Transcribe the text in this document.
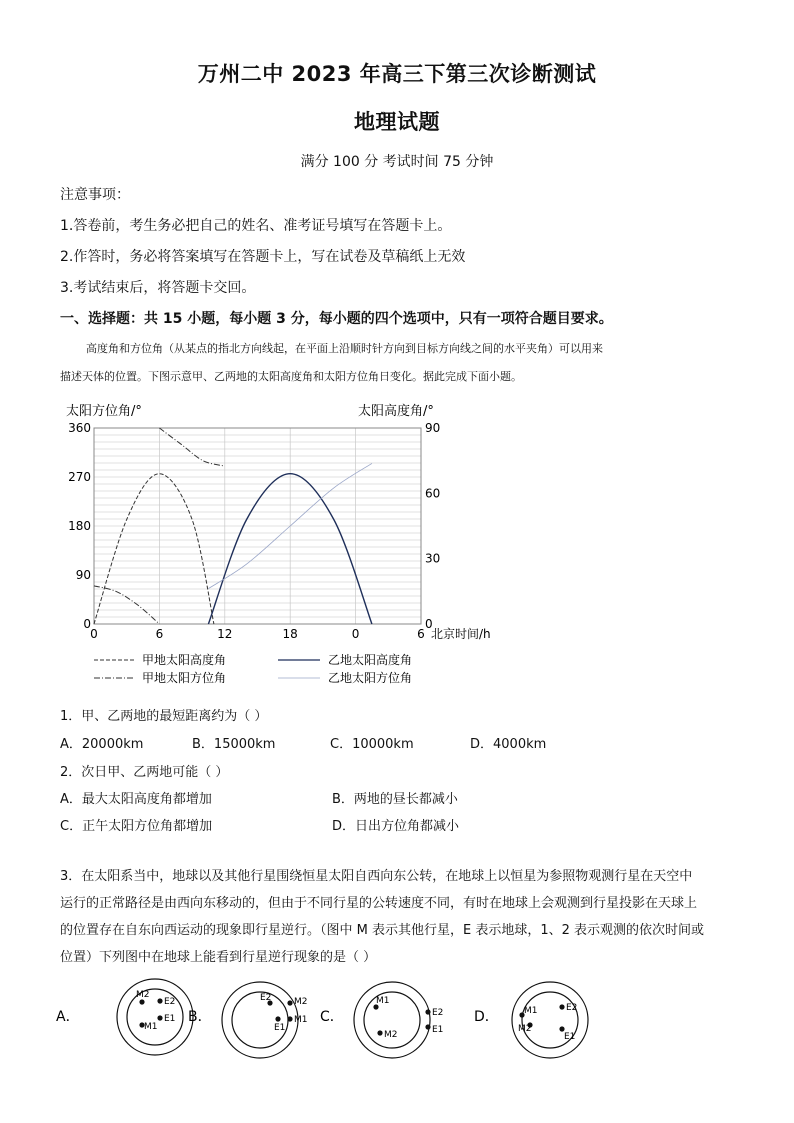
万州二中 2023 年高三下第三次诊断测试
地理试题
满分 100 分 考试时间 75 分钟
注意事项：
1.答卷前，考生务必把自己的姓名、准考证号填写在答题卡上。
2.作答时，务必将答案填写在答题卡上，写在试卷及草稿纸上无效
3.考试结束后，将答题卡交回。
一、选择题：共 15 小题，每小题 3 分，每小题的四个选项中，只有一项符合题目要求。
高度角和方位角（从某点的指北方向线起，在平面上沿顺时针方向到目标方向线之间的水平夹角）可以用来
描述天体的位置。下图示意甲、乙两地的太阳高度角和太阳方位角日变化。据此完成下面小题。
0
90
180
270
360
0
30
60
90
0	6	12	18	0	6
太阳方位角/°	太阳高度角/°
北京时间/h
甲地太阳高度角	乙地太阳高度角
甲地太阳方位角	乙地太阳方位角
1．甲、乙两地的最短距离约为（ ）
A．20000km	B．15000km	C．10000km	D．4000km
2．次日甲、乙两地可能（ ）
A．最大太阳高度角都增加	B．两地的昼长都减小
C．正午太阳方位角都增加	D．日出方位角都减小
3．在太阳系当中，地球以及其他行星围绕恒星太阳自西向东公转，在地球上以恒星为参照物观测行星在天空中
运行的正常路径是由西向东移动的，但由于不同行星的公转速度不同，有时在地球上会观测到行星投影在天球上
的位置存在自东向西运动的现象即行星逆行。（图中 M 表示其他行星，E 表示地球，1、2 表示观测的依次时间或
位置）下列图中在地球上能看到行星逆行现象的是（ ）
A．
M2
M1
E2
E1 B．
E2
E1
M2
M1 C．
M1
M2
E2
E1
D．	M1
M2
E2
E1
